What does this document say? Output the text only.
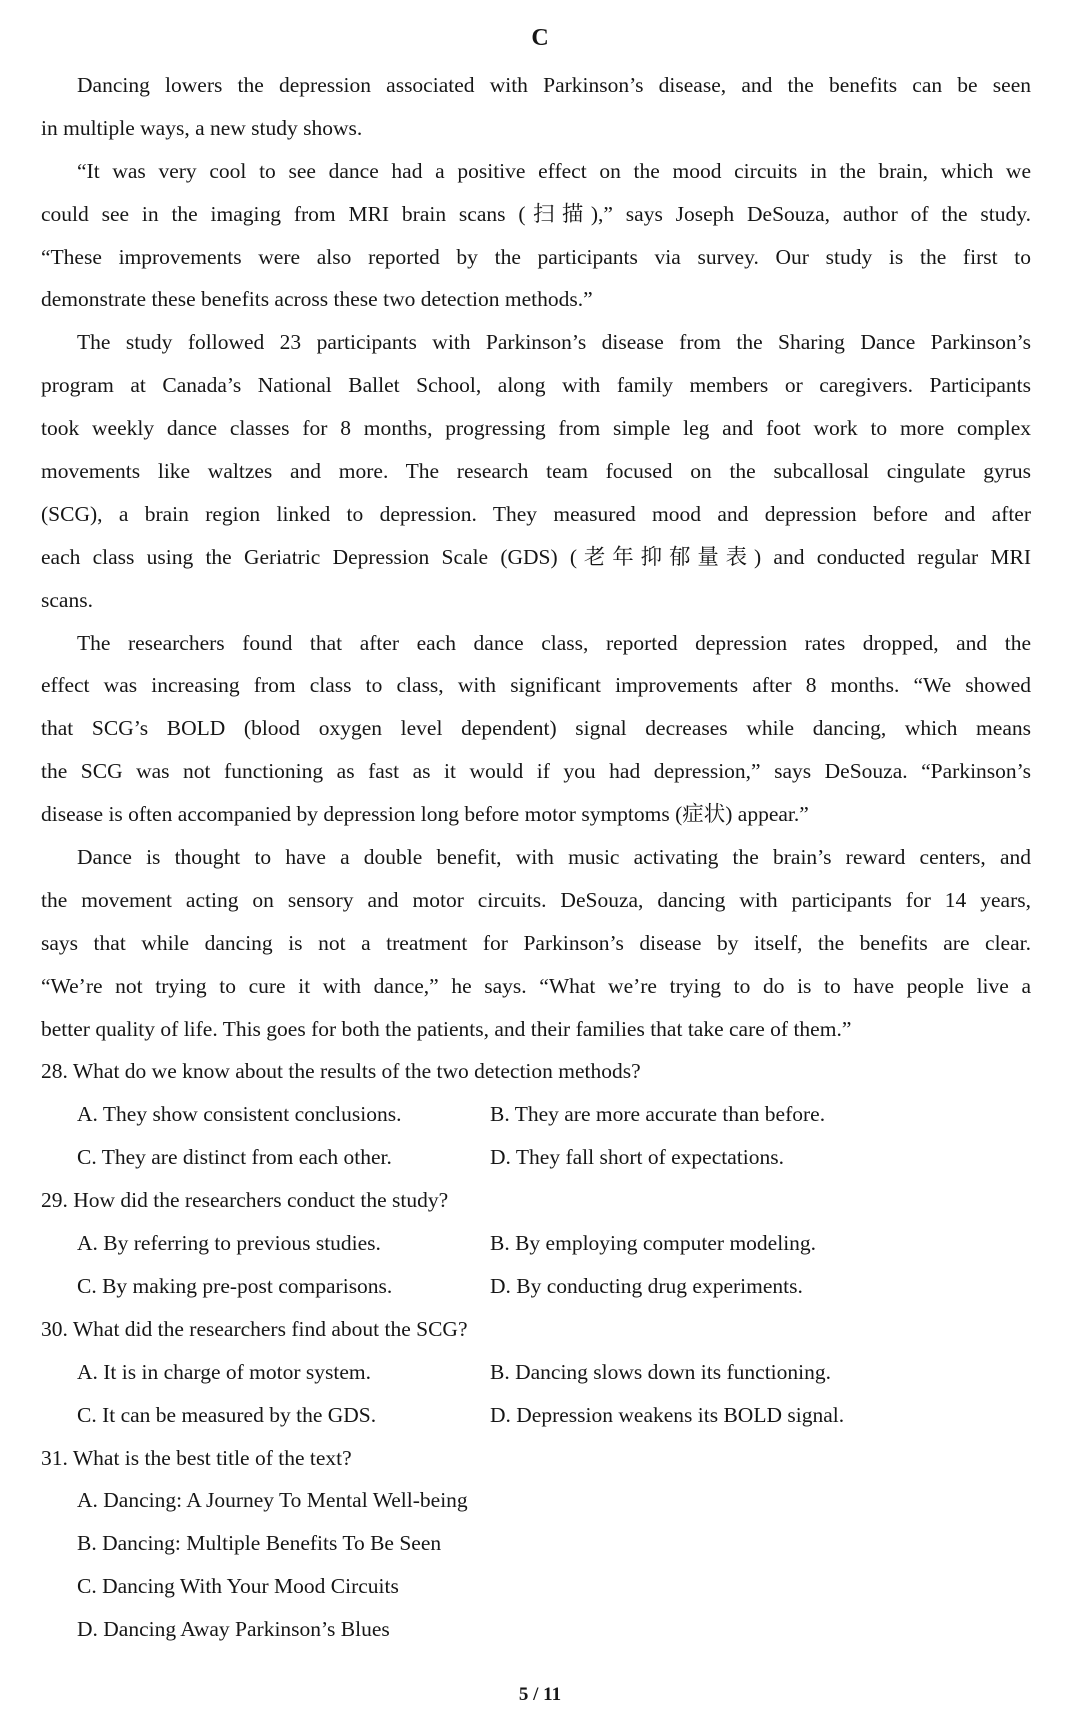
C
Dancing lowers the depression associated with Parkinson’s disease, and the benefits can be seen
in multiple ways, a new study shows.
“It was very cool to see dance had a positive effect on the mood circuits in the brain, which we
could see in the imaging from MRI brain scans (扫描),” says Joseph DeSouza, author of the study.
“These improvements were also reported by the participants via survey. Our study is the first to
demonstrate these benefits across these two detection methods.”
The study followed 23 participants with Parkinson’s disease from the Sharing Dance Parkinson’s
program at Canada’s National Ballet School, along with family members or caregivers. Participants
took weekly dance classes for 8 months, progressing from simple leg and foot work to more complex
movements like waltzes and more. The research team focused on the subcallosal cingulate gyrus
(SCG), a brain region linked to depression. They measured mood and depression before and after
each class using the Geriatric Depression Scale (GDS) (老年抑郁量表) and conducted regular MRI
scans.
The researchers found that after each dance class, reported depression rates dropped, and the
effect was increasing from class to class, with significant improvements after 8 months. “We showed
that SCG’s BOLD (blood oxygen level dependent) signal decreases while dancing, which means
the SCG was not functioning as fast as it would if you had depression,” says DeSouza. “Parkinson’s
disease is often accompanied by depression long before motor symptoms (症状) appear.”
Dance is thought to have a double benefit, with music activating the brain’s reward centers, and
the movement acting on sensory and motor circuits. DeSouza, dancing with participants for 14 years,
says that while dancing is not a treatment for Parkinson’s disease by itself, the benefits are clear.
“We’re not trying to cure it with dance,” he says. “What we’re trying to do is to have people live a
better quality of life. This goes for both the patients, and their families that take care of them.”
28. What do we know about the results of the two detection methods?
A. They show consistent conclusions.	B. They are more accurate than before.
C. They are distinct from each other.	D. They fall short of expectations.
29. How did the researchers conduct the study?
A. By referring to previous studies.	B. By employing computer modeling.
C. By making pre-post comparisons.	D. By conducting drug experiments.
30. What did the researchers find about the SCG?
A. It is in charge of motor system.	B. Dancing slows down its functioning.
C. It can be measured by the GDS.	D. Depression weakens its BOLD signal.
31. What is the best title of the text?
A. Dancing: A Journey To Mental Well-being
B. Dancing: Multiple Benefits To Be Seen
C. Dancing With Your Mood Circuits
D. Dancing Away Parkinson’s Blues
5 / 11
